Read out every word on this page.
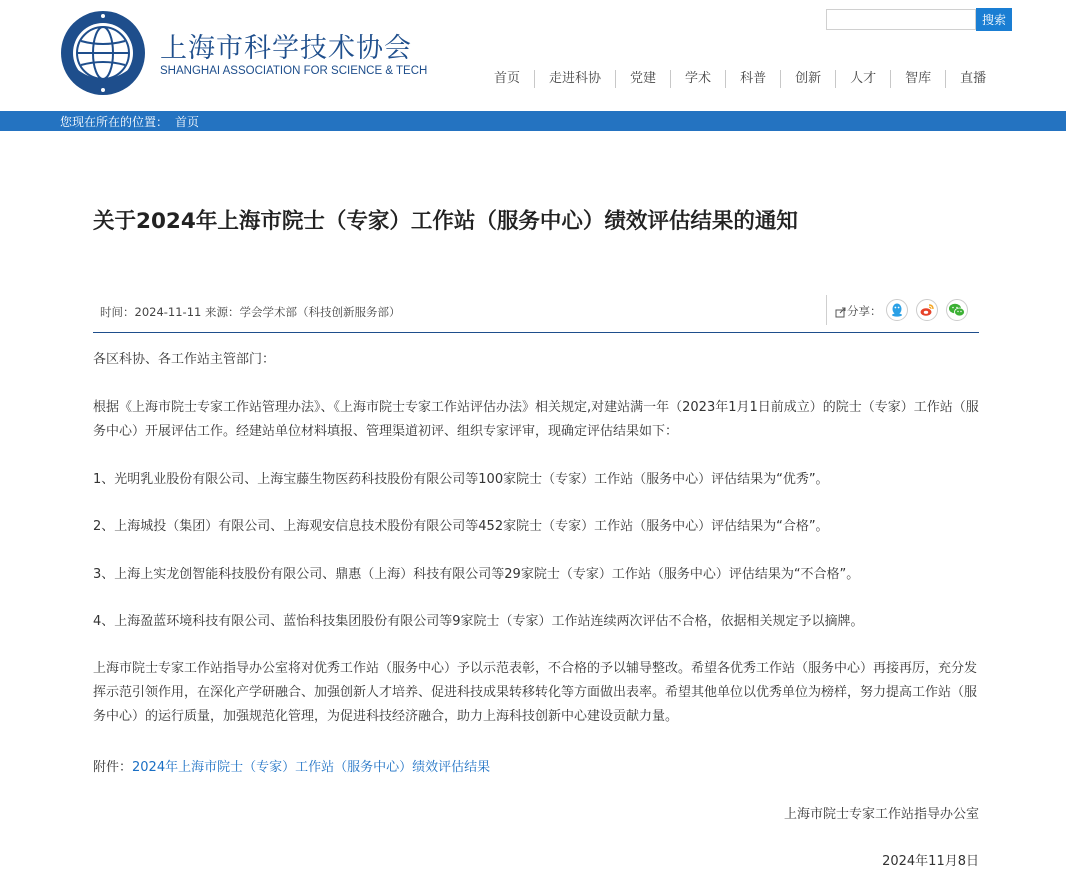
上海市科学技术协会
SHANGHAI ASSOCIATION FOR SCIENCE & TECH
搜索
首页	走进科协	党建	学术	科普	创新	人才	智库	直播
您现在所在的位置： 首页
关于2024年上海市院士（专家）工作站（服务中心）绩效评估结果的通知
时间：2024-11-11 来源：学会学术部（科技创新服务部）	分享：

各区科协、各工作站主管部门：

根据《上海市院士专家工作站管理办法》、《上海市院士专家工作站评估办法》相关规定,对建站满一年（2023年1月1日前成立）的院士（专家）工作站（服务中心）开展评估工作。经建站单位材料填报、管理渠道初评、组织专家评审，现确定评估结果如下：

1、光明乳业股份有限公司、上海宝藤生物医药科技股份有限公司等100家院士（专家）工作站（服务中心）评估结果为“优秀”。

2、上海城投（集团）有限公司、上海观安信息技术股份有限公司等452家院士（专家）工作站（服务中心）评估结果为“合格”。

3、上海上实龙创智能科技股份有限公司、鼎惠（上海）科技有限公司等29家院士（专家）工作站（服务中心）评估结果为“不合格”。

4、上海盈蓝环境科技有限公司、蓝怡科技集团股份有限公司等9家院士（专家）工作站连续两次评估不合格，依据相关规定予以摘牌。

上海市院士专家工作站指导办公室将对优秀工作站（服务中心）予以示范表彰，不合格的予以辅导整改。希望各优秀工作站（服务中心）再接再厉，充分发挥示范引领作用，在深化产学研融合、加强创新人才培养、促进科技成果转移转化等方面做出表率。希望其他单位以优秀单位为榜样，努力提高工作站（服务中心）的运行质量，加强规范化管理，为促进科技经济融合，助力上海科技创新中心建设贡献力量。

附件：2024年上海市院士（专家）工作站（服务中心）绩效评估结果

上海市院士专家工作站指导办公室

2024年11月8日
